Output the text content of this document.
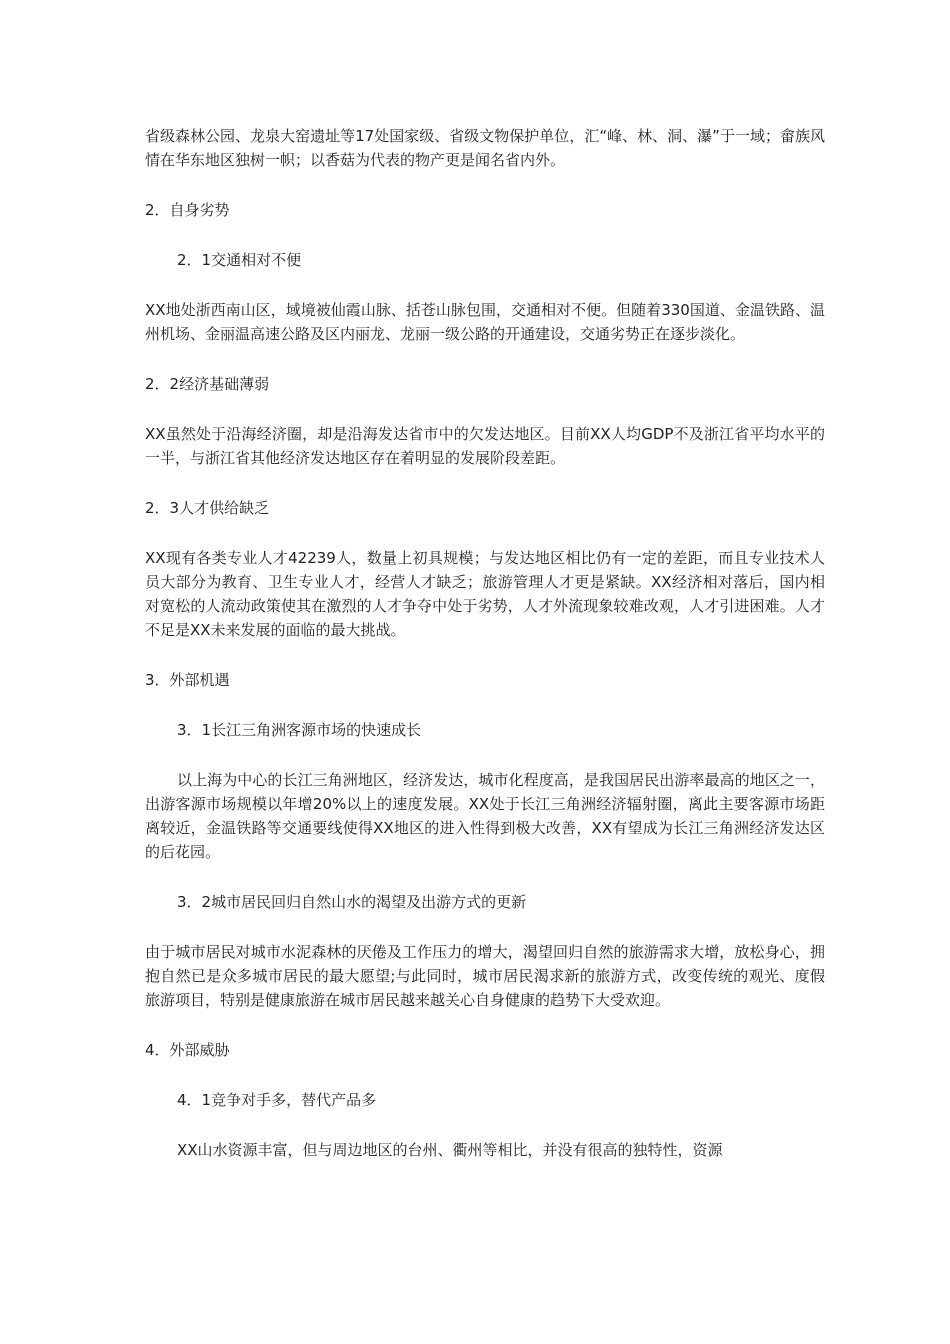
省级森林公园、龙泉大窑遗址等17处国家级、省级文物保护单位，汇“峰、林、洞、瀑”于一域；畲族风情在华东地区独树一帜；以香菇为代表的物产更是闻名省内外。

2．自身劣势

2．1交通相对不便

XX地处浙西南山区，域境被仙霞山脉、括苍山脉包围，交通相对不便。但随着330国道、金温铁路、温州机场、金丽温高速公路及区内丽龙、龙丽一级公路的开通建设，交通劣势正在逐步淡化。

2．2经济基础薄弱

XX虽然处于沿海经济圈，却是沿海发达省市中的欠发达地区。目前XX人均GDP不及浙江省平均水平的一半，与浙江省其他经济发达地区存在着明显的发展阶段差距。

2．3人才供给缺乏

XX现有各类专业人才42239人，数量上初具规模；与发达地区相比仍有一定的差距，而且专业技术人员大部分为教育、卫生专业人才，经营人才缺乏；旅游管理人才更是紧缺。XX经济相对落后，国内相对宽松的人流动政策使其在激烈的人才争夺中处于劣势，人才外流现象较难改观，人才引进困难。人才不足是XX未来发展的面临的最大挑战。

3．外部机遇

3．1长江三角洲客源市场的快速成长

以上海为中心的长江三角洲地区，经济发达，城市化程度高，是我国居民出游率最高的地区之一，出游客源市场规模以年增20%以上的速度发展。XX处于长江三角洲经济辐射圈，离此主要客源市场距离较近，金温铁路等交通要线使得XX地区的进入性得到极大改善，XX有望成为长江三角洲经济发达区的后花园。

3．2城市居民回归自然山水的渴望及出游方式的更新

由于城市居民对城市水泥森林的厌倦及工作压力的增大，渴望回归自然的旅游需求大增，放松身心，拥抱自然已是众多城市居民的最大愿望;与此同时，城市居民渴求新的旅游方式，改变传统的观光、度假旅游项目，特别是健康旅游在城市居民越来越关心自身健康的趋势下大受欢迎。

4．外部威胁

4．1竞争对手多，替代产品多

XX山水资源丰富，但与周边地区的台州、衢州等相比，并没有很高的独特性，资源
